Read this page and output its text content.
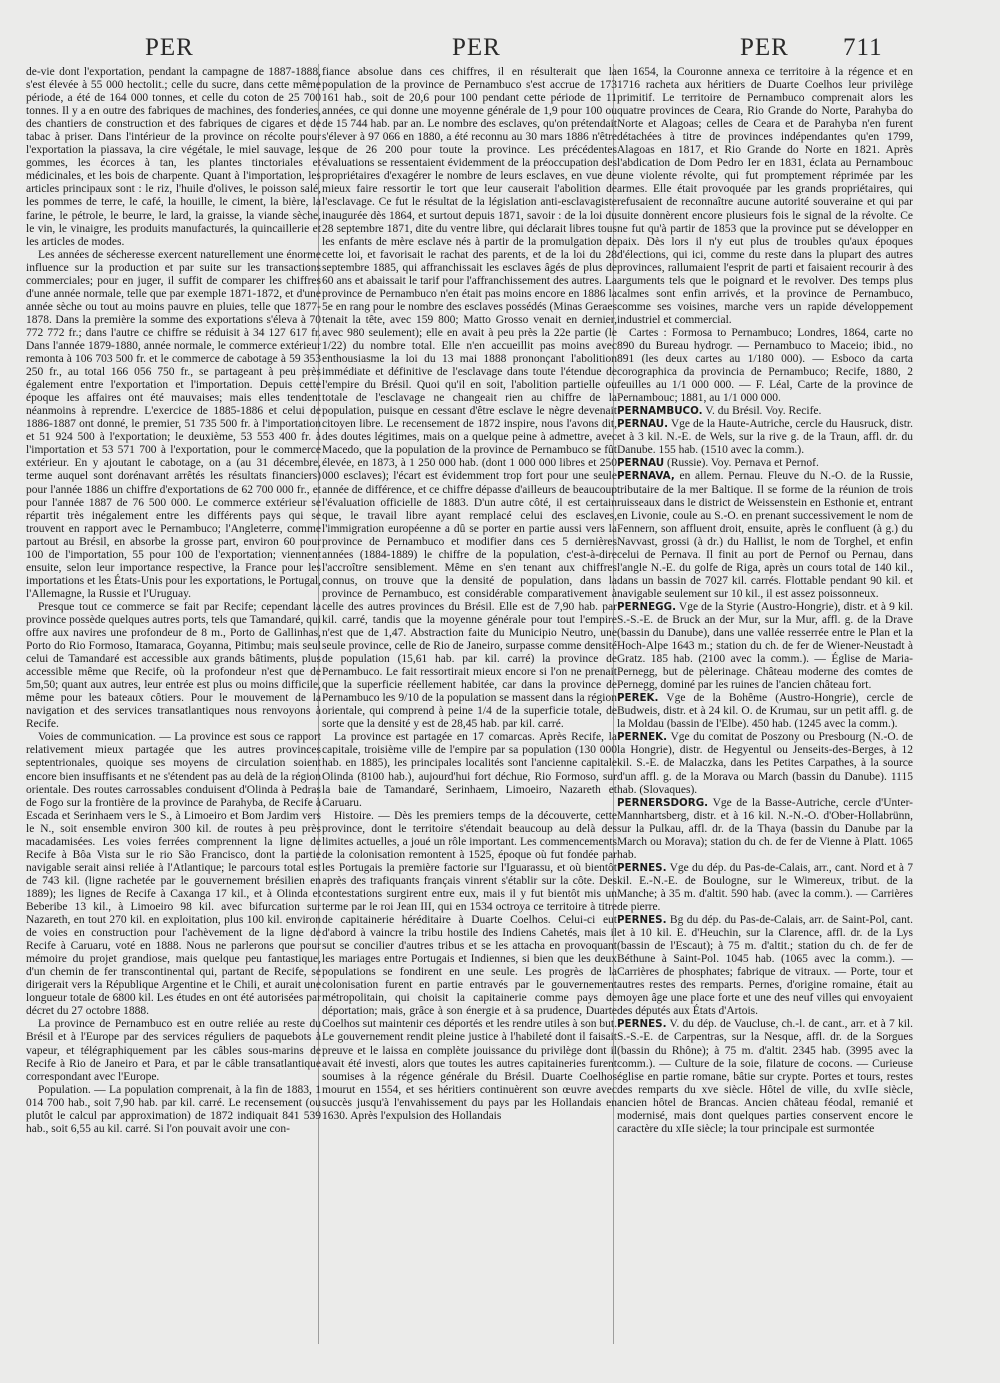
PER	PER	PER 711

de-vie dont l'exportation, pendant la campagne de 1887-1888, s'est élevée à 55 000 hectolit.; celle du sucre, dans cette même période, a été de 164 000 tonnes, et celle du coton de 25 700 tonnes. Il y a en outre des fabriques de machines, des fonderies, des chantiers de construction et des fabriques de cigares et de tabac à priser. Dans l'intérieur de la province on récolte pour l'exportation la piassava, la cire végétale, le miel sauvage, les gommes, les écorces à tan, les plantes tinctoriales et médicinales, et les bois de charpente. Quant à l'importation, les articles principaux sont : le riz, l'huile d'olives, le poisson salé, les pommes de terre, le café, la houille, le ciment, la bière, la farine, le pétrole, le beurre, le lard, la graisse, la viande sèche, le vin, le vinaigre, les produits manufacturés, la quincaillerie et les articles de modes.

Les années de sécheresse exercent naturellement une énorme influence sur la production et par suite sur les transactions commerciales; pour en juger, il suffit de comparer les chiffres d'une année normale, telle que par exemple 1871-1872, et d'une année sèche ou tout au moins pauvre en pluies, telle que 1877-1878. Dans la première la somme des exportations s'éleva à 70 772 772 fr.; dans l'autre ce chiffre se réduisit à 34 127 617 fr. Dans l'année 1879-1880, année normale, le commerce extérieur remonta à 106 703 500 fr. et le commerce de cabotage à 59 353 250 fr., au total 166 056 750 fr., se partageant à peu près également entre l'exportation et l'importation. Depuis cette époque les affaires ont été mauvaises; mais elles tendent néanmoins à reprendre. L'exercice de 1885-1886 et celui de 1886-1887 ont donné, le premier, 51 735 500 fr. à l'importation et 51 924 500 à l'exportation; le deuxième, 53 553 400 fr. à l'importation et 53 571 700 à l'exportation, pour le commerce extérieur. En y ajoutant le cabotage, on a (au 31 décembre, terme auquel sont dorénavant arrêtés les résultats financiers) pour l'année 1886 un chiffre d'exportations de 62 700 000 fr., et pour l'année 1887 de 76 500 000. Le commerce extérieur se répartit très inégalement entre les différents pays qui se trouvent en rapport avec le Pernambuco; l'Angleterre, comme partout au Brésil, en absorbe la grosse part, environ 60 pour 100 de l'importation, 55 pour 100 de l'exportation; viennent ensuite, selon leur importance respective, la France pour les importations et les États-Unis pour les exportations, le Portugal, l'Allemagne, la Russie et l'Uruguay.

Presque tout ce commerce se fait par Recife; cependant la province possède quelques autres ports, tels que Tamandaré, qui offre aux navires une profondeur de 8 m., Porto de Gallinhas, Porto do Rio Formoso, Itamaraca, Goyanna, Pitimbu; mais seul celui de Tamandaré est accessible aux grands bâtiments, plus accessible même que Recife, où la profondeur n'est que de 5m,50; quant aux autres, leur entrée est plus ou moins difficile, même pour les bateaux côtiers. Pour le mouvement de la navigation et des services transatlantiques nous renvoyons à Recife.

Voies de communication. — La province est sous ce rapport relativement mieux partagée que les autres provinces septentrionales, quoique ses moyens de circulation soient encore bien insuffisants et ne s'étendent pas au delà de la région orientale. Des routes carrossables conduisent d'Olinda à Pedras de Fogo sur la frontière de la province de Parahyba, de Recife à Escada et Serinhaem vers le S., à Limoeiro et Bom Jardim vers le N., soit ensemble environ 300 kil. de routes à peu près macadamisées. Les voies ferrées comprennent la ligne de Recife à Bôa Vista sur le rio São Francisco, dont la partie navigable serait ainsi reliée à l'Atlantique; le parcours total est de 743 kil. (ligne rachetée par le gouvernement brésilien en 1889); les lignes de Recife à Caxanga 17 kil., et à Olinda et Beberibe 13 kil., à Limoeiro 98 kil. avec bifurcation sur Nazareth, en tout 270 kil. en exploitation, plus 100 kil. environ de voies en construction pour l'achèvement de la ligne de Recife à Caruaru, voté en 1888. Nous ne parlerons que pour mémoire du projet grandiose, mais quelque peu fantastique, d'un chemin de fer transcontinental qui, partant de Recife, se dirigerait vers la République Argentine et le Chili, et aurait une longueur totale de 6800 kil. Les études en ont été autorisées par décret du 27 octobre 1888.

La province de Pernambuco est en outre reliée au reste du Brésil et à l'Europe par des services réguliers de paquebots à vapeur, et télégraphiquement par les câbles sous-marins de Recife à Rio de Janeiro et Para, et par le câble transatlantique correspondant avec l'Europe.

Population. — La population comprenait, à la fin de 1883, 1 014 700 hab., soit 7,90 hab. par kil. carré. Le recensement (ou plutôt le calcul par approximation) de 1872 indiquait 841 539 hab., soit 6,55 au kil. carré. Si l'on pouvait avoir une con-

fiance absolue dans ces chiffres, il en résulterait que la population de la province de Pernambuco s'est accrue de 173 161 hab., soit de 20,6 pour 100 pendant cette période de 11 années, ce qui donne une moyenne générale de 1,9 pour 100 ou de 15 744 hab. par an. Le nombre des esclaves, qu'on prétendait s'élever à 97 066 en 1880, a été reconnu au 30 mars 1886 n'être que de 26 200 pour toute la province. Les précédentes évaluations se ressentaient évidemment de la préoccupation des propriétaires d'exagérer le nombre de leurs esclaves, en vue de mieux faire ressortir le tort que leur causerait l'abolition de l'esclavage. Ce fut le résultat de la législation anti-esclavagiste inaugurée dès 1864, et surtout depuis 1871, savoir : de la loi du 28 septembre 1871, dite du ventre libre, qui déclarait libres tous les enfants de mère esclave nés à partir de la promulgation de cette loi, et favorisait le rachat des parents, et de la loi du 28 septembre 1885, qui affranchissait les esclaves âgés de plus de 60 ans et abaissait le tarif pour l'affranchissement des autres. La province de Pernambuco n'en était pas moins encore en 1886 la 5e en rang pour le nombre des esclaves possédés (Minas Geraes tenait la tête, avec 159 800; Matto Grosso venait en dernier, avec 980 seulement); elle en avait à peu près la 22e partie (le 1/22) du nombre total. Elle n'en accueillit pas moins avec enthousiasme la loi du 13 mai 1888 prononçant l'abolition immédiate et définitive de l'esclavage dans toute l'étendue de l'empire du Brésil. Quoi qu'il en soit, l'abolition partielle ou totale de l'esclavage ne changeait rien au chiffre de la population, puisque en cessant d'être esclave le nègre devenait citoyen libre. Le recensement de 1872 inspire, nous l'avons dit, des doutes légitimes, mais on a quelque peine à admettre, avec Macedo, que la population de la province de Pernambuco se fût élevée, en 1873, à 1 250 000 hab. (dont 1 000 000 libres et 250 000 esclaves); l'écart est évidemment trop fort pour une seule année de différence, et ce chiffre dépasse d'ailleurs de beaucoup l'évaluation officielle de 1883. D'un autre côté, il est certain que, le travail libre ayant remplacé celui des esclaves, l'immigration européenne a dû se porter en partie aussi vers la province de Pernambuco et modifier dans ces 5 dernières années (1884-1889) le chiffre de la population, c'est-à-dire l'accroître sensiblement. Même en s'en tenant aux chiffres connus, on trouve que la densité de population, dans la province de Pernambuco, est considérable comparativement à celle des autres provinces du Brésil. Elle est de 7,90 hab. par kil. carré, tandis que la moyenne générale pour tout l'empire n'est que de 1,47. Abstraction faite du Municipio Neutro, une seule province, celle de Rio de Janeiro, surpasse comme densité de population (15,61 hab. par kil. carré) la province de Pernambuco. Le fait ressortirait mieux encore si l'on ne prenait que la superficie réellement habitée, car dans la province de Pernambuco les 9/10 de la population se massent dans la région orientale, qui comprend à peine 1/4 de la superficie totale, de sorte que la densité y est de 28,45 hab. par kil. carré.

La province est partagée en 17 comarcas. Après Recife, la capitale, troisième ville de l'empire par sa population (130 000 hab. en 1885), les principales localités sont l'ancienne capitale Olinda (8100 hab.), aujourd'hui fort déchue, Rio Formoso, sur la baie de Tamandaré, Serinhaem, Limoeiro, Nazareth et Caruaru.

Histoire. — Dès les premiers temps de la découverte, cette province, dont le territoire s'étendait beaucoup au delà des limites actuelles, a joué un rôle important. Les commencements de la colonisation remontent à 1525, époque où fut fondée par les Portugais la première factorie sur l'Iguarassu, et où bientôt après des trafiquants français vinrent s'établir sur la côte. Des contestations surgirent entre eux, mais il y fut bientôt mis un terme par le roi Jean III, qui en 1534 octroya ce territoire à titre de capitainerie héréditaire à Duarte Coelhos. Celui-ci eut d'abord à vaincre la tribu hostile des Indiens Cahetés, mais il sut se concilier d'autres tribus et se les attacha en provoquant les mariages entre Portugais et Indiennes, si bien que les deux populations se fondirent en une seule. Les progrès de la colonisation furent en partie entravés par le gouvernement métropolitain, qui choisit la capitainerie comme pays de déportation; mais, grâce à son énergie et à sa prudence, Duarte Coelhos sut maintenir ces déportés et les rendre utiles à son but. Le gouvernement rendit pleine justice à l'habileté dont il faisait preuve et le laissa en complète jouissance du privilège dont il avait été investi, alors que toutes les autres capitaineries furent soumises à la régence générale du Brésil. Duarte Coelhos mourut en 1554, et ses héritiers continuèrent son œuvre avec succès jusqu'à l'envahissement du pays par les Hollandais en 1630. Après l'expulsion des Hollandais

en 1654, la Couronne annexa ce territoire à la régence et en 1716 racheta aux héritiers de Duarte Coelhos leur privilège primitif. Le territoire de Pernambuco comprenait alors les quatre provinces de Ceara, Rio Grande do Norte, Parahyba do Norte et Alagoas; celles de Ceara et de Parahyba n'en furent détachées à titre de provinces indépendantes qu'en 1799, Alagoas en 1817, et Rio Grande do Norte en 1821. Après l'abdication de Dom Pedro Ier en 1831, éclata au Pernambouc une violente révolte, qui fut promptement réprimée par les armes. Elle était provoquée par les grands propriétaires, qui refusaient de reconnaître aucune autorité souveraine et qui par suite donnèrent encore plusieurs fois le signal de la révolte. Ce ne fut qu'à partir de 1853 que la province put se développer en paix. Dès lors il n'y eut plus de troubles qu'aux époques d'élections, qui ici, comme du reste dans la plupart des autres provinces, rallumaient l'esprit de parti et faisaient recourir à des arguments tels que le poignard et le revolver. Des temps plus calmes sont enfin arrivés, et la province de Pernambuco, comme ses voisines, marche vers un rapide développement industriel et commercial.

Cartes : Formosa to Pernambuco; Londres, 1864, carte no 890 du Bureau hydrogr. — Pernambuco to Maceio; ibid., no 891 (les deux cartes au 1/180 000). — Esboco da carta corographica da provincia de Pernambuco; Recife, 1880, 2 feuilles au 1/1 000 000. — F. Léal, Carte de la province de Pernambouc; 1881, au 1/1 000 000.

PERNAMBUCO. V. du Brésil. Voy. Recife.

PERNAU. Vge de la Haute-Autriche, cercle du Hausruck, distr. et à 3 kil. N.-E. de Wels, sur la rive g. de la Traun, affl. dr. du Danube. 155 hab. (1510 avec la comm.).

PERNAU (Russie). Voy. Pernava et Pernof.

PERNAVA, en allem. Pernau. Fleuve du N.-O. de la Russie, tributaire de la mer Baltique. Il se forme de la réunion de trois ruisseaux dans le district de Weissenstein en Esthonie et, entrant en Livonie, coule au S.-O. en prenant successivement le nom de Fennern, son affluent droit, ensuite, après le confluent (à g.) du Navvast, grossi (à dr.) du Hallist, le nom de Torghel, et enfin celui de Pernava. Il finit au port de Pernof ou Pernau, dans l'angle N.-E. du golfe de Riga, après un cours total de 140 kil., dans un bassin de 7027 kil. carrés. Flottable pendant 90 kil. et navigable seulement sur 10 kil., il est assez poissonneux.

PERNEGG. Vge de la Styrie (Austro-Hongrie), distr. et à 9 kil. S.-S.-E. de Bruck an der Mur, sur la Mur, affl. g. de la Drave (bassin du Danube), dans une vallée resserrée entre le Plan et la Hoch-Alpe 1643 m.; station du ch. de fer de Wiener-Neustadt à Gratz. 185 hab. (2100 avec la comm.). — Église de Maria-Pernegg, but de pèlerinage. Château moderne des comtes de Pernegg, dominé par les ruines de l'ancien château fort.

PEREK. Vge de la Bohême (Austro-Hongrie), cercle de Budweis, distr. et à 24 kil. O. de Krumau, sur un petit affl. g. de la Moldau (bassin de l'Elbe). 450 hab. (1245 avec la comm.).

PERNEK. Vge du comitat de Poszony ou Presbourg (N.-O. de la Hongrie), distr. de Hegyentul ou Jenseits-des-Berges, à 12 kil. S.-E. de Malaczka, dans les Petites Carpathes, à la source d'un affl. g. de la Morava ou March (bassin du Danube). 1115 hab. (Slovaques).

PERNERSDORG. Vge de la Basse-Autriche, cercle d'Unter-Mannhartsberg, distr. et à 16 kil. N.-N.-O. d'Ober-Hollabrünn, sur la Pulkau, affl. dr. de la Thaya (bassin du Danube par la March ou Morava); station du ch. de fer de Vienne à Platt. 1065 hab.

PERNES. Vge du dép. du Pas-de-Calais, arr., cant. Nord et à 7 kil. E.-N.-E. de Boulogne, sur le Wimereux, tribut. de la Manche; à 35 m. d'altit. 590 hab. (avec la comm.). — Carrières de pierre.

PERNES. Bg du dép. du Pas-de-Calais, arr. de Saint-Pol, cant. et à 10 kil. E. d'Heuchin, sur la Clarence, affl. dr. de la Lys (bassin de l'Escaut); à 75 m. d'altit.; station du ch. de fer de Béthune à Saint-Pol. 1045 hab. (1065 avec la comm.). — Carrières de phosphates; fabrique de vitraux. — Porte, tour et autres restes des remparts. Pernes, d'origine romaine, était au moyen âge une place forte et une des neuf villes qui envoyaient des députés aux États d'Artois.

PERNES. V. du dép. de Vaucluse, ch.-l. de cant., arr. et à 7 kil. S.-S.-E. de Carpentras, sur la Nesque, affl. dr. de la Sorgues (bassin du Rhône); à 75 m. d'altit. 2345 hab. (3995 avec la comm.). — Culture de la soie, filature de cocons. — Curieuse église en partie romane, bâtie sur crypte. Portes et tours, restes des remparts du xve siècle. Hôtel de ville, du xvIIe siècle, ancien hôtel de Brancas. Ancien château féodal, remanié et modernisé, mais dont quelques parties conservent encore le caractère du xIIe siècle; la tour principale est surmontée
